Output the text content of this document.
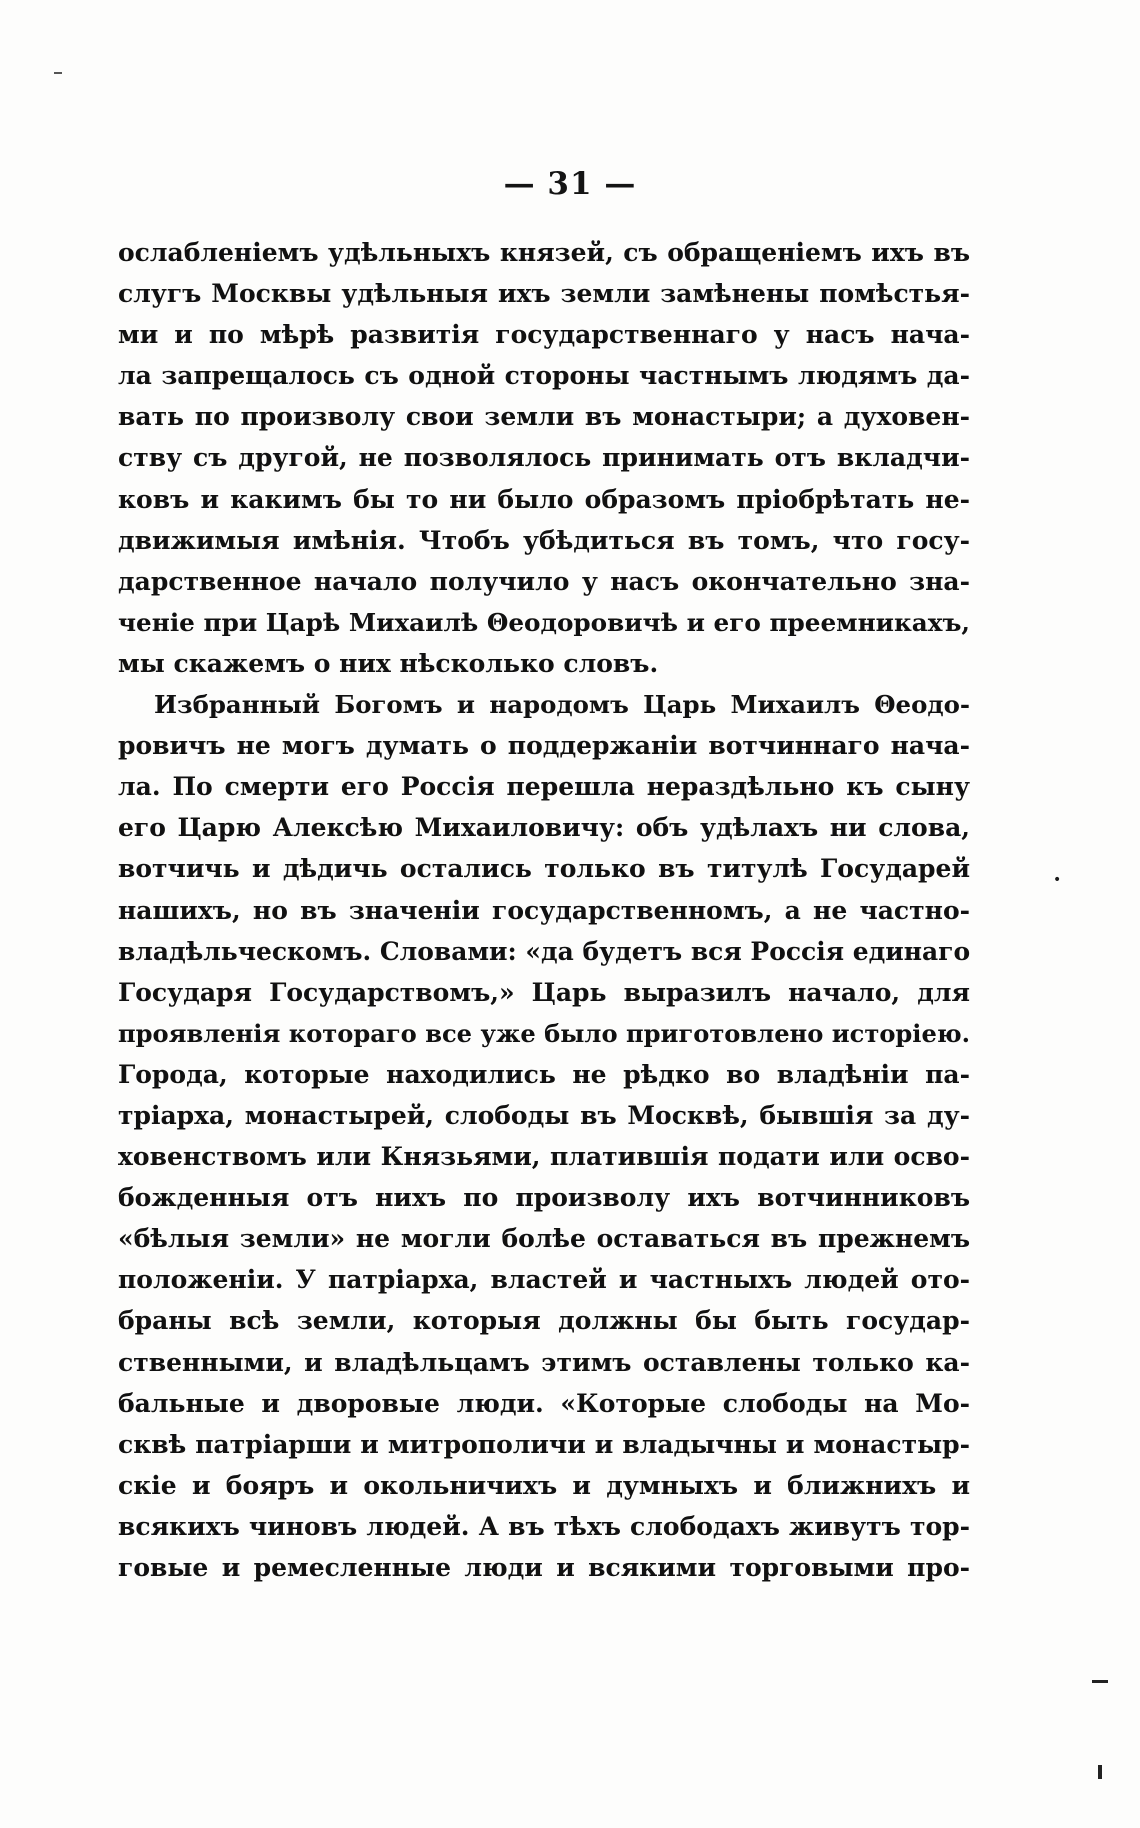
— 31 —
ослабленіемъ удѣльныхъ князей, съ обращеніемъ ихъ въ
слугъ Москвы удѣльныя ихъ земли замѣнены помѣстья-
ми и по мѣрѣ развитія государственнаго у насъ нача-
ла запрещалось съ одной стороны частнымъ людямъ да-
вать по произволу свои земли въ монастыри; а духовен-
ству съ другой, не позволялось принимать отъ вкладчи-
ковъ и какимъ бы то ни было образомъ пріобрѣтать не-
движимыя имѣнія. Чтобъ убѣдиться въ томъ, что госу-
дарственное начало получило у насъ окончательно зна-
ченіе при Царѣ Михаилѣ Θеодоровичѣ и его преемникахъ,
мы скажемъ о них нѣсколько словъ.
Избранный Богомъ и народомъ Царь Михаилъ Θеодо-
ровичъ не могъ думать о поддержаніи вотчиннаго нача-
ла. По смерти его Россія перешла нераздѣльно къ сыну
его Царю Алексѣю Михаиловичу: объ удѣлахъ ни слова,
вотчичь и дѣдичь остались только въ титулѣ Государей
нашихъ, но въ значеніи государственномъ, а не частно-
владѣльческомъ. Словами: «да будетъ вся Россія единаго
Государя Государствомъ,» Царь выразилъ начало, для
проявленія котораго все уже было приготовлено исторіею.
Города, которые находились не рѣдко во владѣніи па-
тріарха, монастырей, слободы въ Москвѣ, бывшія за ду-
ховенствомъ или Князьями, платившія подати или осво-
божденныя отъ нихъ по произволу ихъ вотчинниковъ
«бѣлыя земли» не могли болѣе оставаться въ прежнемъ
положеніи. У патріарха, властей и частныхъ людей ото-
браны всѣ земли, которыя должны бы быть государ-
ственными, и владѣльцамъ этимъ оставлены только ка-
бальные и дворовые люди. «Которые слободы на Мо-
сквѣ патріарши и митрополичи и владычны и монастыр-
скіе и бояръ и окольничихъ и думныхъ и ближнихъ и
всякихъ чиновъ людей. А въ тѣхъ слободахъ живутъ тор-
говые и ремесленные люди и всякими торговыми про-
•
